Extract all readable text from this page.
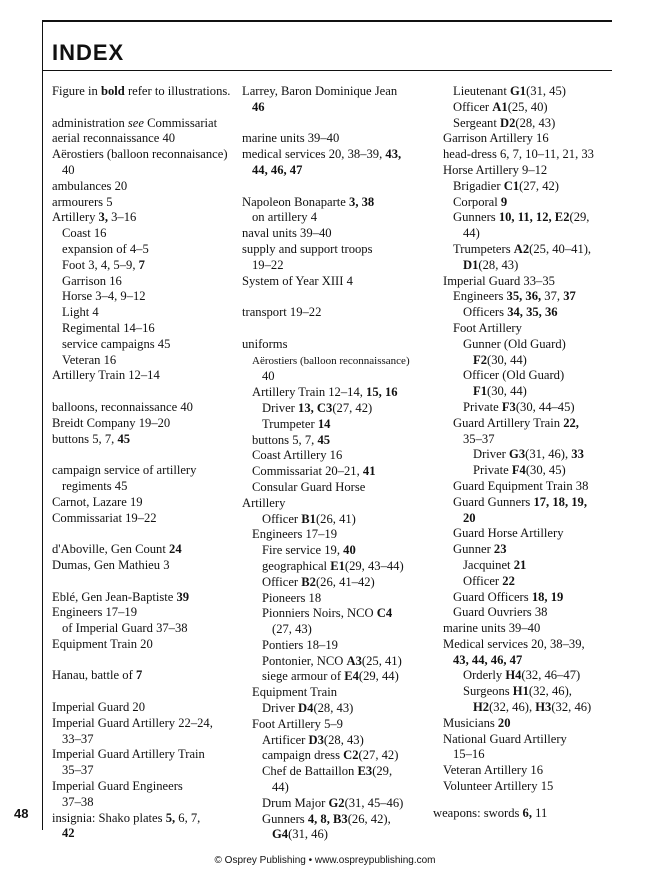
INDEX
Figure in bold refer to illustrations.
administration see Commissariat
aerial reconnaissance 40
Aërostiers (balloon reconnaisance)
40
ambulances 20
armourers 5
Artillery 3, 3–16
Coast 16
expansion of 4–5
Foot 3, 4, 5–9, 7
Garrison 16
Horse 3–4, 9–12
Light 4
Regimental 14–16
service campaigns 45
Veteran 16
Artillery Train 12–14
balloons, reconnaissance 40
Breidt Company 19–20
buttons 5, 7, 45
campaign service of artillery
regiments 45
Carnot, Lazare 19
Commissariat 19–22
d'Aboville, Gen Count 24
Dumas, Gen Mathieu 3
Eblé, Gen Jean-Baptiste 39
Engineers 17–19
of Imperial Guard 37–38
Equipment Train 20
Hanau, battle of 7
Imperial Guard 20
Imperial Guard Artillery 22–24,
33–37
Imperial Guard Artillery Train
35–37
Imperial Guard Engineers
37–38
insignia: Shako plates 5, 6, 7,
42
Larrey, Baron Dominique Jean
46
marine units 39–40
medical services 20, 38–39, 43,
44, 46, 47
Napoleon Bonaparte 3, 38
on artillery 4
naval units 39–40
supply and support troops
19–22
System of Year XIII 4
transport 19–22
uniforms
Aërostiers (balloon reconnaissance)
40
Artillery Train 12–14, 15, 16
Driver 13, C3(27, 42)
Trumpeter 14
buttons 5, 7, 45
Coast Artillery 16
Commissariat 20–21, 41
Consular Guard Horse
Artillery
Officer B1(26, 41)
Engineers 17–19
Fire service 19, 40
geographical E1(29, 43–44)
Officer B2(26, 41–42)
Pioneers 18
Pionniers Noirs, NCO C4
(27, 43)
Pontiers 18–19
Pontonier, NCO A3(25, 41)
siege armour of E4(29, 44)
Equipment Train
Driver D4(28, 43)
Foot Artillery 5–9
Artificer D3(28, 43)
campaign dress C2(27, 42)
Chef de Battaillon E3(29,
44)
Drum Major G2(31, 45–46)
Gunners 4, 8, B3(26, 42),
G4(31, 46)
Lieutenant G1(31, 45)
Officer A1(25, 40)
Sergeant D2(28, 43)
Garrison Artillery 16
head-dress 6, 7, 10–11, 21, 33
Horse Artillery 9–12
Brigadier C1(27, 42)
Corporal 9
Gunners 10, 11, 12, E2(29,
44)
Trumpeters A2(25, 40–41),
D1(28, 43)
Imperial Guard 33–35
Engineers 35, 36, 37, 37
Officers 34, 35, 36
Foot Artillery
Gunner (Old Guard)
F2(30, 44)
Officer (Old Guard)
F1(30, 44)
Private F3(30, 44–45)
Guard Artillery Train 22,
35–37
Driver G3(31, 46), 33
Private F4(30, 45)
Guard Equipment Train 38
Guard Gunners 17, 18, 19,
20
Guard Horse Artillery
Gunner 23
Jacquinet 21
Officer 22
Guard Officers 18, 19
Guard Ouvriers 38
marine units 39–40
Medical services 20, 38–39,
43, 44, 46, 47
Orderly H4(32, 46–47)
Surgeons H1(32, 46),
H2(32, 46), H3(32, 46)
Musicians 20
National Guard Artillery
15–16
Veteran Artillery 16
Volunteer Artillery 15
weapons: swords 6, 11
48
© Osprey Publishing • www.ospreypublishing.com
